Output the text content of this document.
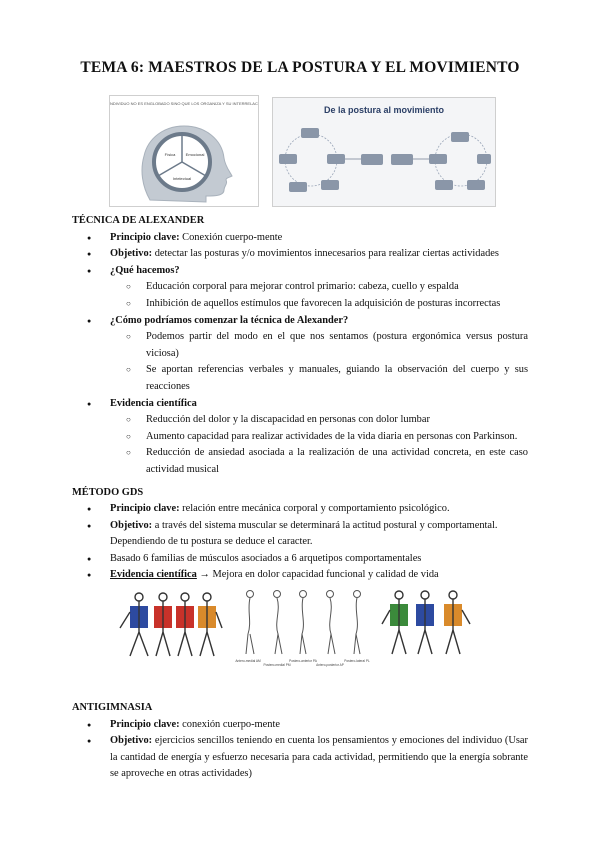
TEMA 6: MAESTROS DE LA POSTURA Y EL MOVIMIENTO
EL INDIVIDUO NO ES ENGLOBADO SINO QUE LOS ORGANIZA Y SU INTERRELACIÓN
Física	Emocional
Intelectual
De la postura al movimiento

TÉCNICA DE ALEXANDER

● Principio clave: Conexión cuerpo-mente
● Objetivo: detectar las posturas y/o movimientos innecesarios para realizar ciertas actividades
● ¿Qué hacemos?
○ Educación corporal para mejorar control primario: cabeza, cuello y espalda
○ Inhibición de aquellos estímulos que favorecen la adquisición de posturas incorrectas
● ¿Cómo podríamos comenzar la técnica de Alexander?
○ Podemos partir del modo en el que nos sentamos (postura ergonómica versus postura viciosa)
○ Se aportan referencias verbales y manuales, guiando la observación del cuerpo y sus reacciones
● Evidencia científica
○ Reducción del dolor y la discapacidad en personas con dolor lumbar
○ Aumento capacidad para realizar actividades de la vida diaria en personas con Parkinson.
○ Reducción de ansiedad asociada a la realización de una actividad concreta, en este caso actividad musical

MÉTODO GDS

● Principio clave: relación entre mecánica corporal y comportamiento psicológico.
● Objetivo: a través del sistema muscular se determinará la actitud postural y comportamental. Dependiendo de tu postura se deduce el caracter.
● Basado 6 familias de músculos asociados a 6 arquetipos comportamentales
● Evidencia científica → Mejora en dolor capacidad funcional y calidad de vida
Antero-medial AM
Postero-medial PM
Postero-anterior PA
Antero-posterior AP
Postero-lateral PL

ANTIGIMNASIA

● Principio clave: conexión cuerpo-mente
● Objetivo: ejercicios sencillos teniendo en cuenta los pensamientos y emociones del individuo (Usar la cantidad de energía y esfuerzo necesaria para cada actividad, permitiendo que la energía sobrante se aproveche en otras actividades)
